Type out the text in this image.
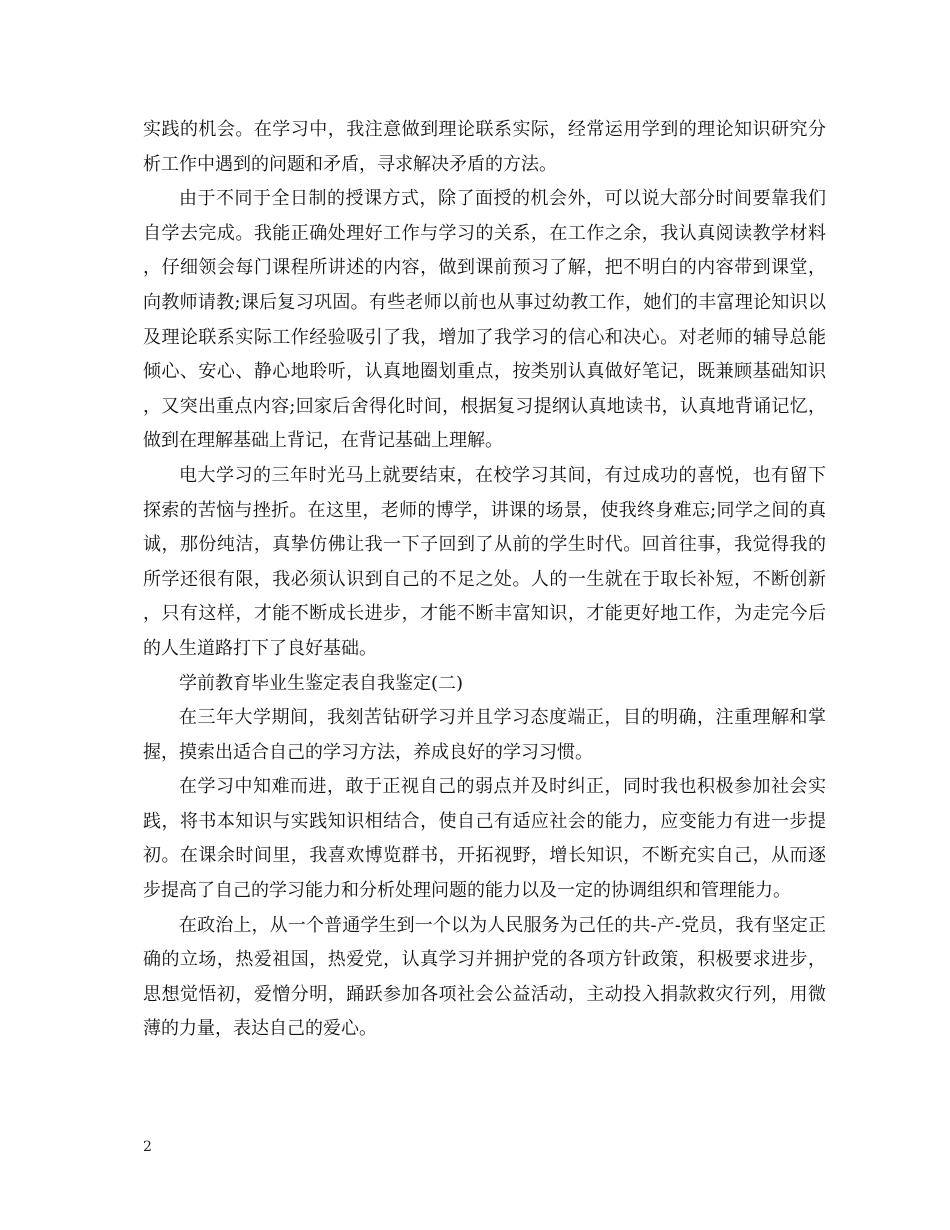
实践的机会。在学习中，我注意做到理论联系实际，经常运用学到的理论知识研究分析工作中遇到的问题和矛盾，寻求解决矛盾的方法。

由于不同于全日制的授课方式，除了面授的机会外，可以说大部分时间要靠我们自学去完成。我能正确处理好工作与学习的关系，在工作之余，我认真阅读教学材料，仔细领会每门课程所讲述的内容，做到课前预习了解，把不明白的内容带到课堂，向教师请教;课后复习巩固。有些老师以前也从事过幼教工作，她们的丰富理论知识以及理论联系实际工作经验吸引了我，增加了我学习的信心和决心。对老师的辅导总能倾心、安心、静心地聆听，认真地圈划重点，按类别认真做好笔记，既兼顾基础知识，又突出重点内容;回家后舍得化时间，根据复习提纲认真地读书，认真地背诵记忆，做到在理解基础上背记，在背记基础上理解。

电大学习的三年时光马上就要结束，在校学习其间，有过成功的喜悦，也有留下探索的苦恼与挫折。在这里，老师的博学，讲课的场景，使我终身难忘;同学之间的真诚，那份纯洁，真挚仿佛让我一下子回到了从前的学生时代。回首往事，我觉得我的所学还很有限，我必须认识到自己的不足之处。人的一生就在于取长补短，不断创新，只有这样，才能不断成长进步，才能不断丰富知识，才能更好地工作，为走完今后的人生道路打下了良好基础。

学前教育毕业生鉴定表自我鉴定(二)

在三年大学期间，我刻苦钻研学习并且学习态度端正，目的明确，注重理解和掌握，摸索出适合自己的学习方法，养成良好的学习习惯。

在学习中知难而进，敢于正视自己的弱点并及时纠正，同时我也积极参加社会实践，将书本知识与实践知识相结合，使自己有适应社会的能力，应变能力有进一步提初。在课余时间里，我喜欢博览群书，开拓视野，增长知识，不断充实自己，从而逐步提高了自己的学习能力和分析处理问题的能力以及一定的协调组织和管理能力。

在政治上，从一个普通学生到一个以为人民服务为己任的共-产-党员，我有坚定正确的立场，热爱祖国，热爱党，认真学习并拥护党的各项方针政策，积极要求进步，思想觉悟初，爱憎分明，踊跃参加各项社会公益活动，主动投入捐款救灾行列，用微薄的力量，表达自己的爱心。

2
